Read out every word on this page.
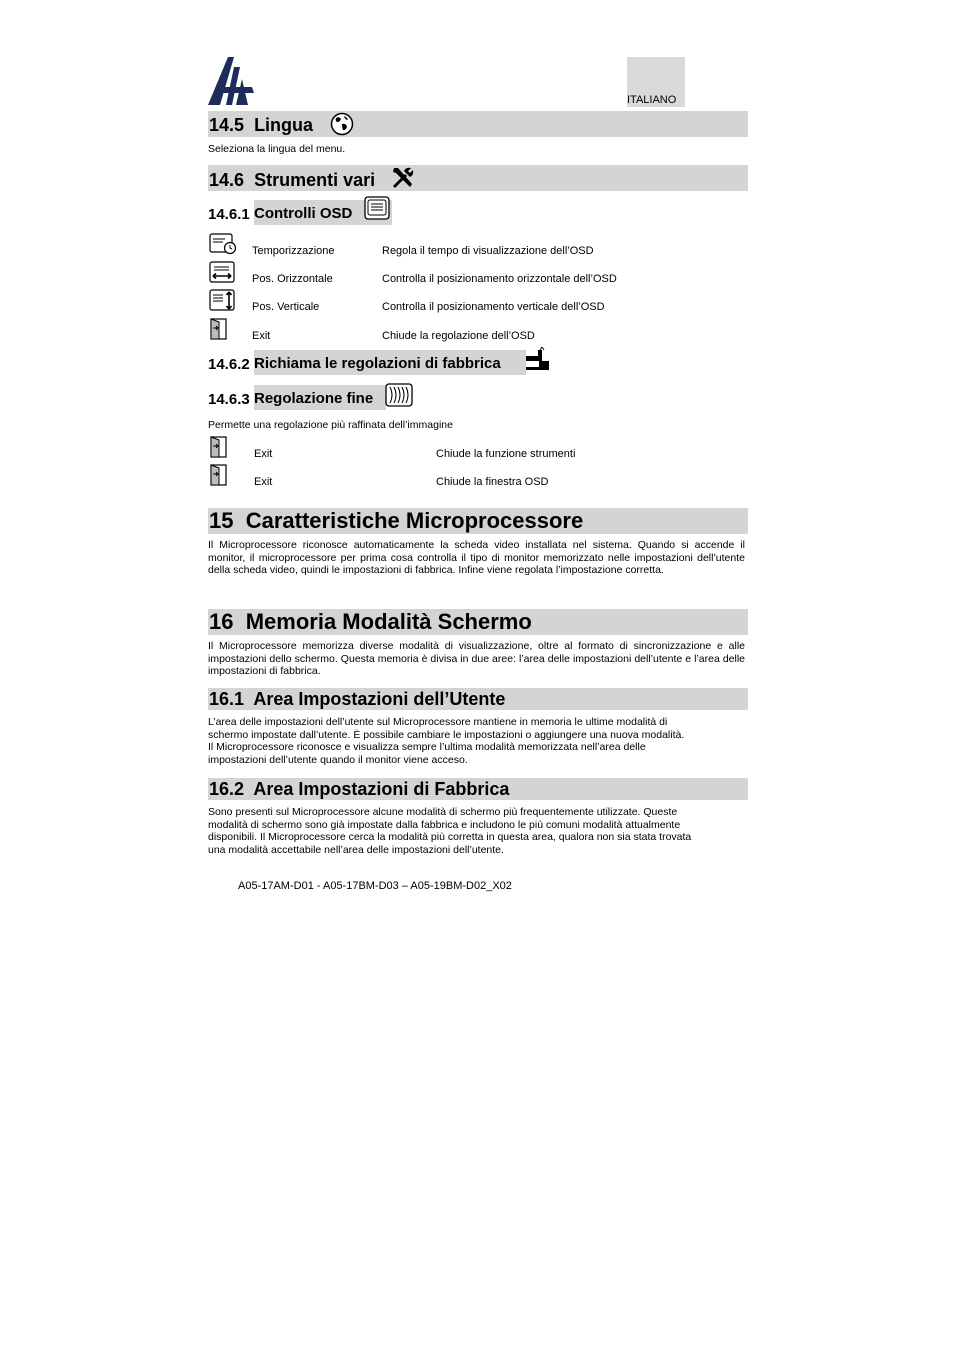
ITALIANO
14.5 Lingua
Seleziona la lingua del menu.
14.6 Strumenti vari
14.6.1 Controlli OSD
Temporizzazione	Regola il tempo di visualizzazione dell’OSD
Pos. Orizzontale	Controlla il posizionamento orizzontale dell’OSD
Pos. Verticale	Controlla il posizionamento verticale dell’OSD
Exit	Chiude la regolazione dell’OSD
14.6.2 Richiama le regolazioni di fabbrica
14.6.3 Regolazione fine
Permette una regolazione più raffinata dell’immagine
Exit	Chiude la funzione strumenti
Exit	Chiude la finestra OSD
15 Caratteristiche Microprocessore
Il Microprocessore riconosce automaticamente la scheda video installata nel sistema. Quando si accende il monitor, il microprocessore per prima cosa controlla il tipo di monitor memorizzato nelle impostazioni dell’utente della scheda video, quindi le impostazioni di fabbrica. Infine viene regolata l’impostazione corretta.
16 Memoria Modalità Schermo
Il Microprocessore memorizza diverse modalità di visualizzazione, oltre al formato di sincronizzazione e alle impostazioni dello schermo. Questa memoria è divisa in due aree: l’area delle impostazioni dell’utente e l’area delle impostazioni di fabbrica.
16.1 Area Impostazioni dell’Utente
L’area delle impostazioni dell’utente sul Microprocessore mantiene in memoria le ultime modalità di
schermo impostate dall’utente. È possibile cambiare le impostazioni o aggiungere una nuova modalità.
Il Microprocessore riconosce e visualizza sempre l’ultima modalità memorizzata nell’area delle
impostazioni dell’utente quando il monitor viene acceso.
16.2 Area Impostazioni di Fabbrica
Sono presenti sul Microprocessore alcune modalità di schermo più frequentemente utilizzate. Queste
modalità di schermo sono già impostate dalla fabbrica e includono le più comuni modalità attualmente
disponibili. Il Microprocessore cerca la modalità più corretta in questa area, qualora non sia stata trovata
una modalità accettabile nell’area delle impostazioni dell’utente.
A05-17AM-D01 - A05-17BM-D03 – A05-19BM-D02_X02
